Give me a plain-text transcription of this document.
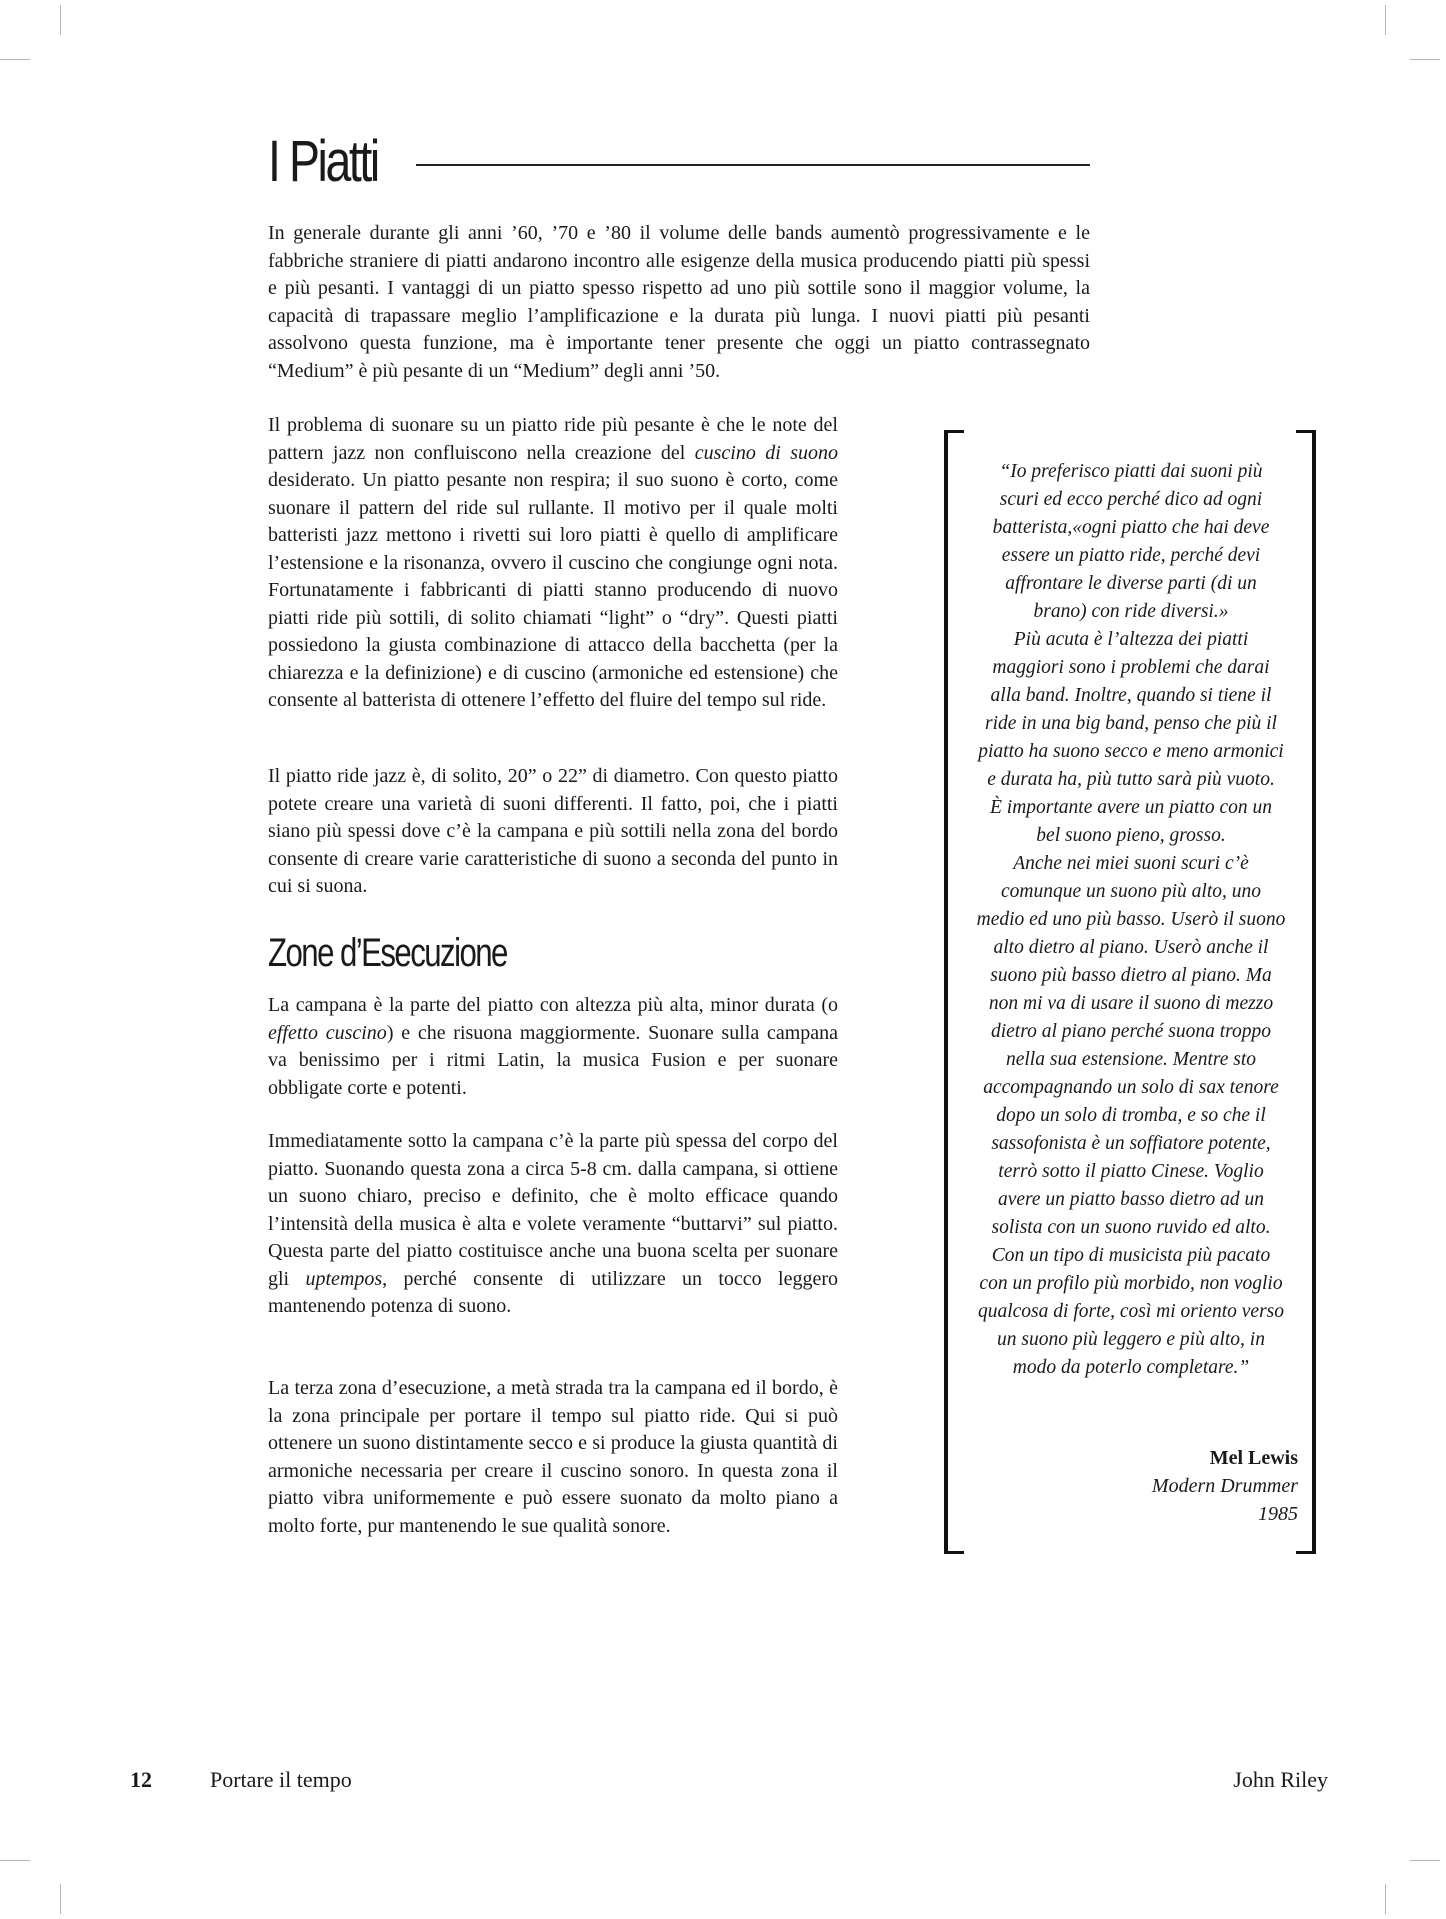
I Piatti

In generale durante gli anni ’60, ’70 e ’80 il volume delle bands aumentò progressivamente e le fabbriche straniere di piatti andarono incontro alle esigenze della musica producendo piatti più spessi e più pesanti. I vantaggi di un piatto spesso rispetto ad uno più sottile sono il maggior volume, la capacità di trapassare meglio l’amplificazione e la durata più lunga. I nuovi piatti più pesanti assolvono questa funzione, ma è importante tener presente che oggi un piatto contrassegnato “Medium” è più pesante di un “Medium” degli anni ’50.

Il problema di suonare su un piatto ride più pesante è che le note del pattern jazz non confluiscono nella creazione del cuscino di suono desiderato. Un piatto pesante non respira; il suo suono è corto, come suonare il pattern del ride sul rullante. Il motivo per il quale molti batteristi jazz mettono i rivetti sui loro piatti è quello di amplificare l’estensione e la risonanza, ovvero il cuscino che congiunge ogni nota. Fortunatamente i fabbricanti di piatti stanno producendo di nuovo piatti ride più sottili, di solito chiamati “light” o “dry”. Questi piatti possiedono la giusta combinazione di attacco della bacchetta (per la chiarezza e la definizione) e di cuscino (armoniche ed estensione) che consente al batterista di ottenere l’effetto del fluire del tempo sul ride.

Il piatto ride jazz è, di solito, 20” o 22” di diametro. Con questo piatto potete creare una varietà di suoni differenti. Il fatto, poi, che i piatti siano più spessi dove c’è la campana e più sottili nella zona del bordo consente di creare varie caratteristiche di suono a seconda del punto in cui si suona.

Zone d’Esecuzione

La campana è la parte del piatto con altezza più alta, minor durata (o effetto cuscino) e che risuona maggiormente. Suonare sulla campana va benissimo per i ritmi Latin, la musica Fusion e per suonare obbligate corte e potenti.

Immediatamente sotto la campana c’è la parte più spessa del corpo del piatto. Suonando questa zona a circa 5-8 cm. dalla campana, si ottiene un suono chiaro, preciso e definito, che è molto efficace quando l’intensità della musica è alta e volete veramente “buttarvi” sul piatto. Questa parte del piatto costituisce anche una buona scelta per suonare gli uptempos, perché consente di utilizzare un tocco leggero mantenendo potenza di suono.

La terza zona d’esecuzione, a metà strada tra la campana ed il bordo, è la zona principale per portare il tempo sul piatto ride. Qui si può ottenere un suono distintamente secco e si produce la giusta quantità di armoniche necessaria per creare il cuscino sonoro. In questa zona il piatto vibra uniformemente e può essere suonato da molto piano a molto forte, pur mantenendo le sue qualità sonore.

“Io preferisco piatti dai suoni più
scuri ed ecco perché dico ad ogni
batterista,«ogni piatto che hai deve
essere un piatto ride, perché devi
affrontare le diverse parti (di un
brano) con ride diversi.»
Più acuta è l’altezza dei piatti
maggiori sono i problemi che darai
alla band. Inoltre, quando si tiene il
ride in una big band, penso che più il
piatto ha suono secco e meno armonici
e durata ha, più tutto sarà più vuoto.
È importante avere un piatto con un
bel suono pieno, grosso.
Anche nei miei suoni scuri c’è
comunque un suono più alto, uno
medio ed uno più basso. Userò il suono
alto dietro al piano. Userò anche il
suono più basso dietro al piano. Ma
non mi va di usare il suono di mezzo
dietro al piano perché suona troppo
nella sua estensione. Mentre sto
accompagnando un solo di sax tenore
dopo un solo di tromba, e so che il
sassofonista è un soffiatore potente,
terrò sotto il piatto Cinese. Voglio
avere un piatto basso dietro ad un
solista con un suono ruvido ed alto.
Con un tipo di musicista più pacato
con un profilo più morbido, non voglio
qualcosa di forte, così mi oriento verso
un suono più leggero e più alto, in
modo da poterlo completare.”

Mel Lewis
Modern Drummer
1985
12	Portare il tempo	John Riley
